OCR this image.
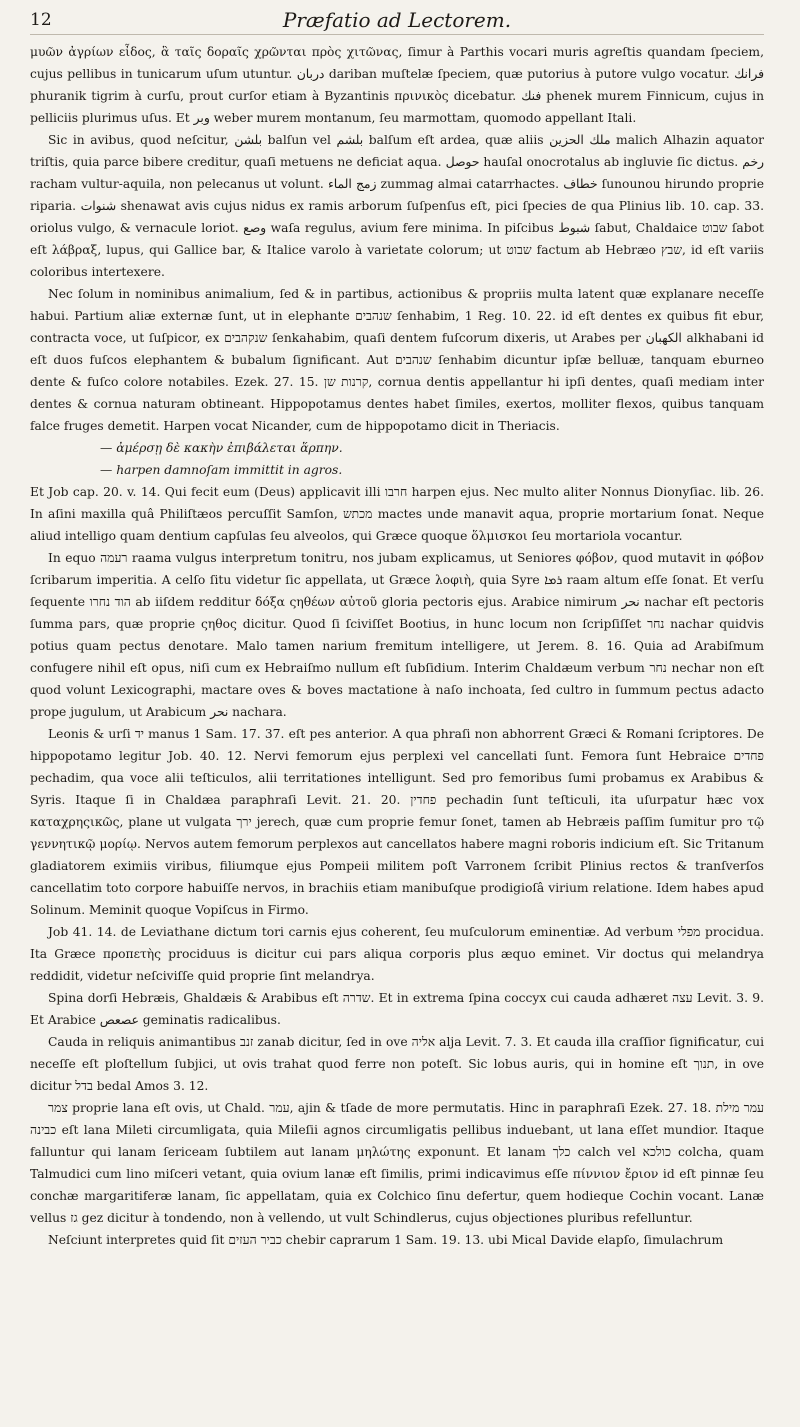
12	Præfatio ad Lectorem.

μυῶν ἀγρίων εἶδος, ἃ ταῖς δοραῖς χρῶνται πρὸς χιτῶνας, ſimur à Parthis vocari muris agreſtis quandam ſpeciem, cujus pellibus in tunicarum uſum utuntur. دربان dariban muſtelæ ſpeciem, quæ putorius à putore vulgo vocatur. فرانك phuranik tigrim à curſu, prout curſor etiam à Byzantinis πρινικὸς dicebatur. فنك phenek murem Finnicum, cujus in pelliciis plurimus uſus. Et وبر weber murem montanum, ſeu marmottam, quomodo appellant Itali.

Sic in avibus, quod neſcitur, بلشن balſun vel بلشم balſum eſt ardea, quæ aliis ملك الحزين malich Alhazin aquator triſtis, quia parce bibere creditur, quaſi metuens ne deficiat aqua. حوصل hauſal onocrotalus ab ingluvie ſic dictus. رخم racham vultur-aquila, non pelecanus ut volunt. زمج الماء zummag almai catarrhactes. خطاف ſunounou hirundo proprie riparia. شنوات shenawat avis cujus nidus ex ramis arborum ſuſpenſus eſt, pici ſpecies de qua Plinius lib. 10. cap. 33. oriolus vulgo, & vernacule loriot. وصع waſa regulus, avium fere minima. In piſcibus شبوط ſabut, Chaldaice שבוט ſabot eſt λάβραξ, lupus, qui Gallice bar, & Italice varolo à varietate colorum; ut שבוט factum ab Hebræo שבץ, id eſt variis coloribus intertexere.

Nec ſolum in nominibus animalium, ſed & in partibus, actionibus & propriis multa latent quæ explanare neceſſe habui. Partium aliæ externæ ſunt, ut in elephante שנהבים ſenhabim, 1 Reg. 10. 22. id eſt dentes ex quibus fit ebur, contracta voce, ut ſuſpicor, ex שנקהבים ſenkahabim, quaſi dentem fuſcorum dixeris, ut Arabes per الكهبان alkhabani id eſt duos fuſcos elephantem & bubalum ſignificant. Aut שנהבים ſenhabim dicuntur ipſæ belluæ, tanquam eburneo dente & fuſco colore notabiles. Ezek. 27. 15. קרנות שן, cornua dentis appellantur hi ipſi dentes, quaſi mediam inter dentes & cornua naturam obtineant. Hippopotamus dentes habet ſimiles, exertos, molliter flexos, quibus tanquam falce fruges demetit. Harpen vocat Nicander, cum de hippopotamo dicit in Theriacis.

— ἀμέρσῃ δὲ κακὴν ἐπιβάλεται ἅρπην.

— harpen damnoſam immittit in agros.

Et Job cap. 20. v. 14. Qui fecit eum (Deus) applicavit illi חרבו harpen ejus. Nec multo aliter Nonnus Dionyſiac. lib. 26. In aſini maxilla quâ Philiſtæos percuſſit Samſon, מכתש mactes unde manavit aqua, proprie mortarium ſonat. Neque aliud intelligo quam dentium capſulas ſeu alveolos, qui Græce quoque ὅλμισκοι ſeu mortariola vocantur.

In equo רעמה raama vulgus interpretum tonitru, nos jubam explicamus, ut Seniores φόβον, quod mutavit in φόβον ſcribarum imperitia. A celſo ſitu videtur ſic appellata, ut Græce λοφιὴ, quia Syre ܪܡܐ raam altum eſſe ſonat. Et verſu ſequente הוד נחרו ab iiſdem redditur δόξα ςηθέων αὐτοῦ gloria pectoris ejus. Arabice nimirum نحر nachar eſt pectoris ſumma pars, quæ proprie ςηθος dicitur. Quod ſi ſciviſſet Bootius, in hunc locum non ſcripſiſſet נחר nachar quidvis potius quam pectus denotare. Malo tamen narium fremitum intelligere, ut Jerem. 8. 16. Quia ad Arabiſmum confugere nihil eſt opus, niſi cum ex Hebraiſmo nullum eſt ſubſidium. Interim Chaldæum verbum נחר nechar non eſt quod volunt Lexicographi, mactare oves & boves mactatione à naſo inchoata, ſed cultro in ſummum pectus adacto prope jugulum, ut Arabicum نحر nachara.

Leonis & urſi יד manus 1 Sam. 17. 37. eſt pes anterior. A qua phraſi non abhorrent Græci & Romani ſcriptores. De hippopotamo legitur Job. 40. 12. Nervi femorum ejus perplexi vel cancellati ſunt. Femora ſunt Hebraice פחדים pechadim, qua voce alii teſticulos, alii territationes intelligunt. Sed pro femoribus ſumi probamus ex Arabibus & Syris. Itaque ſi in Chaldæa paraphraſi Levit. 21. 20. פחדין pechadin ſunt teſticuli, ita uſurpatur hæc vox καταχρηςικῶς, plane ut vulgata ירך jerech, quæ cum proprie femur ſonet, tamen ab Hebræis paſſim ſumitur pro τῷ γεννητικῷ μορίῳ. Nervos autem femorum perplexos aut cancellatos habere magni roboris indicium eſt. Sic Tritanum gladiatorem eximiis viribus, filiumque ejus Pompeii militem poſt Varronem ſcribit Plinius rectos & tranſverſos cancellatim toto corpore habuiſſe nervos, in brachiis etiam manibuſque prodigioſâ virium relatione. Idem habes apud Solinum. Meminit quoque Vopiſcus in Firmo.

Job 41. 14. de Leviathane dictum tori carnis ejus coherent, ſeu muſculorum eminentiæ. Ad verbum מפלי procidua. Ita Græce προπετὴς prociduus is dicitur cui pars aliqua corporis plus æquo eminet. Vir doctus qui melandrya reddidit, videtur neſciviſſe quid proprie ſint melandrya.

Spina dorſi Hebræis, Ghaldæis & Arabibus eſt שדרה. Et in extrema ſpina coccyx cui cauda adhæret עצה Levit. 3. 9. Et Arabice عصعص geminatis radicalibus.

Cauda in reliquis animantibus זנב zanab dicitur, ſed in ove אליה alja Levit. 7. 3. Et cauda illa craſſior ſignificatur, cui neceſſe eſt ploſtellum ſubjici, ut ovis trahat quod ferre non poteſt. Sic lobus auris, qui in homine eſt תנוך, in ove dicitur בדל bedal Amos 3. 12.

צמר proprie lana eſt ovis, ut Chald. עמר, ajin & tſade de more permutatis. Hinc in paraphraſi Ezek. 27. 18. עמר מילת כבינה eſt lana Mileti circumligata, quia Mileſii agnos circumligatis pellibus induebant, ut lana eſſet mundior. Itaque falluntur qui lanam ſericeam ſubtilem aut lanam μηλώτης exponunt. Et lanam כלך calch vel כולכא colcha, quam Talmudici cum lino miſceri vetant, quia ovium lanæ eſt ſimilis, primi indicavimus eſſe πίννιον ἔριον id eſt pinnæ ſeu conchæ margaritiferæ lanam, ſic appellatam, quia ex Colchico ſinu defertur, quem hodieque Cochin vocant. Lanæ vellus גז gez dicitur à tondendo, non à vellendo, ut vult Schindlerus, cujus objectiones pluribus refelluntur.

Neſciunt interpretes quid ſit כביר העזים chebir caprarum 1 Sam. 19. 13. ubi Mical Davide elapſo, ſimulachrum
